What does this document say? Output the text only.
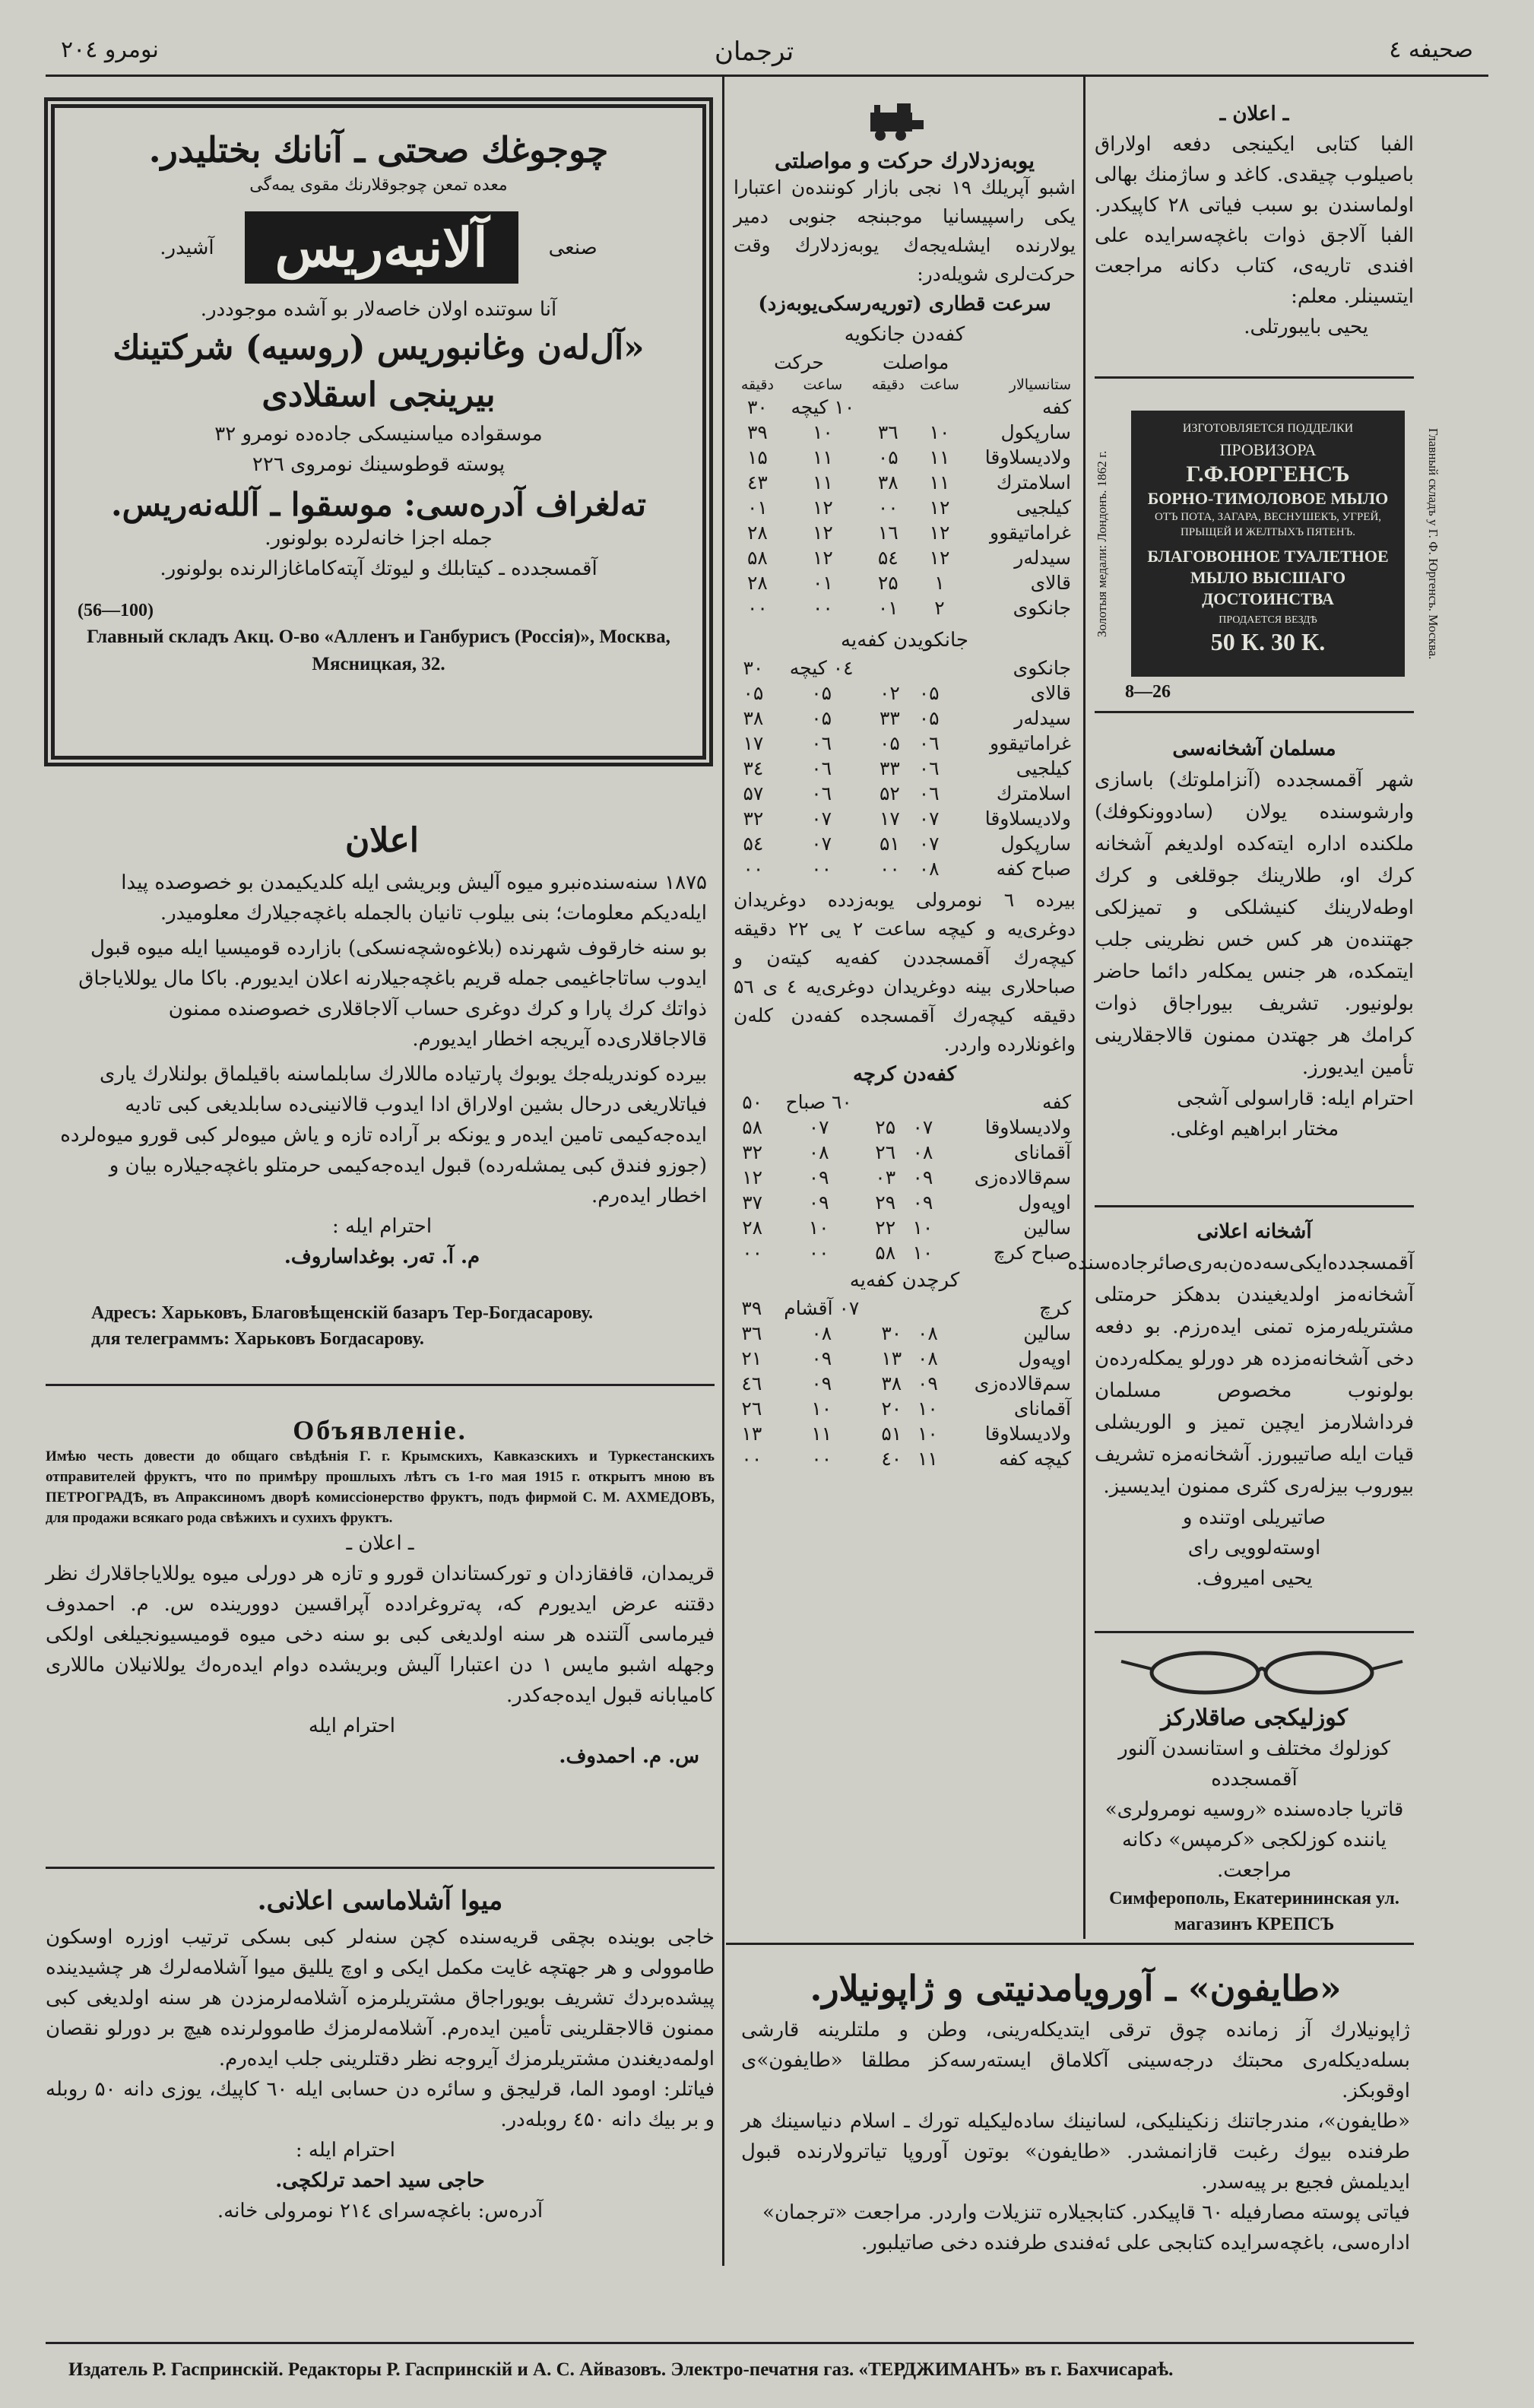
نومرو ۲۰٤	ترجمان	صحیفه ٤
چوجوغك صحتی ـ آنانك بختلیدر.
معده تمعن چوجوقلارنك مقوی یمه‌گی
صنعی
آلانبه‌ریس
آشیدر.
آنا سوتنده اولان خاصه‌لار بو آشده موجوددر.
«آل‌له‌ن وغانبوریس (روسیه) شرکتینك بیرینجی اسقلادی
موسقواده میاسنیسکی جاده‌ده نومرو ۳۲
پوسته قوطوسینك نومرو‌ی ۲۲٦
تەلغراف آدرەسی: موسقوا ـ آللەنەریس.
جمله اجزا خانه‌لرده بولونور.
آقمسجدده ـ کیتابلك و لیوتك آپتەکاماغازالرنده بولونور.
(56—100)
Главный складъ Акц. О-во «Алленъ и Ганбурисъ (Россія)», Москва, Мясницкая, 32.
اعلان
۱۸۷۵ سنەسندەنبرو میوه آلیش وبریشی ایله کلدیکیمدن بو خصوصده پیدا ایله‌دیکم معلومات؛ بنی بیلوب تانیان بالجمله باغچه‌جیلارك معلومیدر.
بو سنه خارقوف شهرنده (بلاغوه‌شچه‌نسکی) بازارده قومیسیا ایله میوه قبول ایدوب ساتاجاغیمی جمله قریم باغچه‌جیلارنه اعلان ایدیورم. باکا مال یوللایاجاق ذواتك کرك پارا و کرك دوغری حساب آلاجاقلاری خصوصنده ممنون قالاجاقلاری‌ده آیریجه اخطار ایدیورم.
بیرده کوندریلەجك یوبوك پارتیاده ماللارك سابلماسنه باقیلماق بولنلارك یاری فیاتلاریغی درحال بشین اولاراق ادا ایدوب قالانینی‌ده سابلدیغی کبی تادیه ایده‌جه‌کیمی تامین ایدەر و یونکه بر آراده تازه و یاش میوه‌لر کبی قورو میوه‌لرده (جوزو فندق کبی یمشله‌ر‌ده) قبول ایده‌جه‌کیمی حرمتلو باغچه‌جیلارە بیان و اخطار ایدەرم.
احترام ایله :
م. آ. تەر. بوغداساروف.
Адресъ: Харьковъ, Благовѣщенскій базаръ Тер-Богдасарову.
для телеграммъ: Харьковъ Богдасарову.
Объявленіе.
Имѣю честь довести до общаго свѣдѣнія Г. г. Крымскихъ, Кавказскихъ и Туркестанскихъ отправителей фруктъ, что по примѣру прошлыхъ лѣтъ съ 1-го мая 1915 г. открытъ мною въ ПЕТРОГРАДѢ, въ Апраксиномъ дворѣ комиссіонерство фруктъ, подъ фирмой С. М. АХМЕДОВЪ, для продажи всякаго рода свѣжихъ и сухихъ фруктъ.
ـ اعلان ـ
قریمدان، قافقازدان و تورکستاندان قورو و تازه هر دورلی میوه یوللایاجاقلارك نظر دقتنه عرض ایدیورم که، پەتروغرادده آپراقسین دوورینده س. م. احمدوف فیرماسی آلتنده هر سنه اولدیغی کبی بو سنه دخی میوه قومیسیونجیلغی اولکی وجهله اشبو مایس ۱ دن اعتبارا آلیش وبریشده دوام ایدەرەك یوللانیلان ماللاری کامیابانه قبول ایده‌جه‌کدر.
احترام ایله
س. م. احمدوف.
میوا آشلاماسی اعلانی.
خاجی بوینده بچقی قریه‌سنده کچن سنەلر کبی بسکی ترتیب اوزره اوسکون طاموولی و هر جهتچه غایت مکمل ایکی و اوچ یللیق میوا آشلامه‌لرك هر چشیدینده پیشده‌بردك تشریف بویوراجاق مشتریلرمزه آشلامه‌لرمزدن هر سنه اولدیغی کبی ممنون قالاجقلرینی تأمین ایدەرم. آشلامه‌لرمزك طاموولرنده هیچ بر دورلو نقصان اولمه‌دیغندن مشتریلرمزك آیروجه نظر دقتلرینی جلب ایدەرم.
فیاتلر: اومود الما، قرلیجق و سائره دن حسابی ایله ٦۰ کاپیك، یوزی دانه ۵۰ روبله و بر بیك دانه ٤۵۰ روبله‌در.
احترام ایله :
حاجی سید احمد ترلکچی.
آدرەس: باغچه‌سرای ۲۱٤ نومرولی خانه.
یوبەزدلارك حرکت و مواصلتی
اشبو آپریلك ۱۹ نجی بازار کونندەن اعتبارا یکی راسپیسانیا موجبنجه جنوبی دمیر یولارنده ایشله‌یجه‌ك یوبەزدلارك وقت حرکت‌لری شویله‌در:
سرعت قطاری (توریه‌رسکی‌یوبه‌زد)
کفه‌دن جانکویه
	مواصلت		حرکت	
ستانسیالار	ساعت	دقیقه	ساعت	دقیقه
کفه			۱۰ کیچه	۳۰
سارپکول	۱۰	۳٦	۱۰	۳۹
ولادیسلاوقا	۱۱	۰۵	۱۱	۱۵
اسلامترك	۱۱	۳۸	۱۱	٤۳
کیلجیی	۱۲	۰۰	۱۲	۰۱
غراماتیقوو	۱۲	۱٦	۱۲	۲۸
سیدلەر	۱۲	۵٤	۱۲	۵۸
قالای	۱	۲۵	۰۱	۲۸
جانکوی	۲	۰۱	۰۰	۰۰
جانکویدن کفه‌یه
جانکوی			۰٤ کیچه	۳۰
قالای	۰۵	۰۲	۰۵	۰۵
سیدلەر	۰۵	۳۳	۰۵	۳۸
غراماتیقوو	۰٦	۰۵	۰٦	۱۷
کیلجیی	۰٦	۳۳	۰٦	۳٤
اسلامترك	۰٦	۵۲	۰٦	۵۷
ولادیسلاوقا	۰۷	۱۷	۰۷	۳۲
سارپکول	۰۷	۵۱	۰۷	۵٤
صباح کفه	۰۸	۰۰	۰۰	۰۰
بیرده ٦ نومرولی یوبەزدده دوغریدان دوغری‌یه و کیچه ساعت ۲ یی ۲۲ دقیقه کیچه‌رك آقمسجددن کفه‌یه کیتەن و صباحلاری بینه دوغریدان دوغری‌یه ٤ ی ۵٦ دقیقه کیچه‌رك آقمسجده کفه‌دن کلەن واغونلارده واردر.
کفه‌دن کرچه
کفه			٦۰ صباح	۵۰
ولادیسلاوقا	۰۷	۲۵	۰۷	۵۸
آقمانای	۰۸	۲٦	۰۸	۳۲
سم‌قالاده‌زی	۰۹	۰۳	۰۹	۱۲
اوپەول	۰۹	۲۹	۰۹	۳۷
سالین	۱۰	۲۲	۱۰	۲۸
صباح کرچ	۱۰	۵۸	۰۰	۰۰
کرچدن کفه‌یه
کرچ			۰۷ آقشام	۳۹
سالین	۰۸	۳۰	۰۸	۳٦
اوپەول	۰۸	۱۳	۰۹	۲۱
سم‌قالاده‌زی	۰۹	۳۸	۰۹	٤٦
آقمانای	۱۰	۲۰	۱۰	۲٦
ولادیسلاوقا	۱۰	۵۱	۱۱	۱۳
کیچه کفه	۱۱	٤۰	۰۰	۰۰
ـ اعلان ـ
الفبا کتابی ایکینجی دفعه اولاراق باصیلوب چیقدی. کاغد و ساژمنك بهالی اولماسندن بو سبب فیاتی ۲۸ کاپیکدر. الفبا آلاجق ذوات باغچه‌سرایده علی افندی تاریه‌ی، کتاب دکانه مراجعت ایتسینلر. معلم:
یحیی بایبورتلی.
Золотыя медали: Лондонъ. 1862 г.
ИЗГОТОВЛЯЕТСЯ ПОДДЕЛКИ
ПРОВИЗОРА
Г.Ф.ЮРГЕНСЪ
БОРНО-ТИМОЛОВОЕ МЫЛО
ОТЪ ПОТА, ЗАГАРА, ВЕСНУШЕКЪ, УГРЕЙ, ПРЫЩЕЙ И ЖЕЛТЫХЪ ПЯТЕНЪ.
БЛАГОВОННОЕ ТУАЛЕТНОЕ МЫЛО ВЫСШАГО ДОСТОИНСТВА
ПРОДАЕТСЯ ВЕЗДѢ
50 К. 30 К.	Главный складъ у Г. Ф. Юргенсъ. Москва.
8—26
مسلمان آشخانه‌سی
شهر آقمسجدده (آنزاملوتك) باسازی وارشوسنده یولان (سادوونکوفك) ملکنده اداره ایتەکده اولدیغم آشخانه کرك او، طلارینك جوقلغی و کرك اوطه‌لارینك کنیشلکی و تمیزلکی جهتندەن هر کس خس نظرینی جلب ایتمکده، هر جنس یمکلەر دائما حاضر بولونیور. تشریف بیوراجاق ذوات کرامك هر جهتدن ممنون قالاجقلارینی تأمین ایدیورز.
احترام ایله: قاراسولی آشجی
مختار ابراهیم اوغلی.
آشخانه اعلانی
آقمسجدده‌ایکی‌سه‌دەن‌بەری‌صائرجاده‌سنده آشخانه‌مز اولدیغیندن بدهکز حرمتلی مشتریلەرمزه تمنی ایدەرزم. بو دفعه دخی آشخانه‌مزده هر دورلو یمکلەردەن بولونوب مخصوص مسلمان فرداشلارمز ایچین تمیز و الوریشلی قیات ایله صاتیبورز. آشخانه‌مزه تشریف بیوروب بیزلەری کثری ممنون ایدیسیز.
صاتیریلی اوتنده و
اوستەلوویی رای
یحیی امیروف.
کوزلیکجی صاقلارکز
کوزلوك مختلف و استانسدن آلنور آقمسجدده
قاتریا جاده‌سنده «روسیه نومرولری» یاننده کوزلکجی «کرمپس» دکانه مراجعت.
Симферополь, Екатерининская ул.
магазинъ КРЕПСЪ
«طایفون» ـ آورویامدنیتی و ژاپونیلار.
ژاپونیلارك آز زمانده چوق ترقی ایتدیکلەرینی، وطن و ملتلرینه قارشی بسله‌دیکلەری محبتك درجه‌سینی آکلاماق ایستەرسه‌کز مطلقا «طایفون»ی اوقوبکز.
«طایفون»، مندرجاتنك زنکینلیکی، لسانینك ساده‌لیکیله تورك ـ اسلام دنیاسینك هر طرفنده بیوك رغبت قازانمشدر. «طایفون» بوتون آوروپا تیاترولارنده قبول ایدیلمش فجیع بر پیەسدر.
فیاتی پوسته مصارفیله ٦۰ قاپیکدر. کتابجیلارە تنزیلات واردر. مراجعت «ترجمان»
اداره‌سی، باغچه‌سرایده کتابجی علی ئەفندی طرفنده دخی صاتیلبور.
Издатель Р. Гаспринскій. Редакторы Р. Гаспринскій и А. С. Айвазовъ. Электро-печатня газ. «ТЕРДЖИМАНЪ» въ г. Бахчисараѣ.
